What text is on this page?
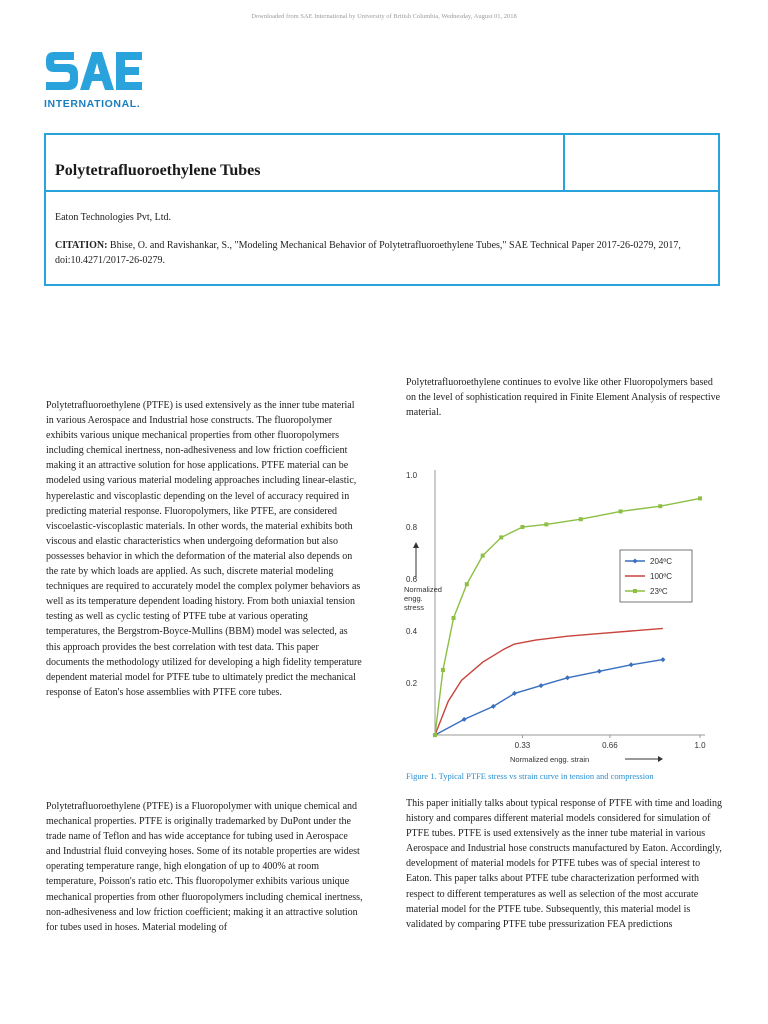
Downloaded from SAE International by University of British Columbia, Wednesday, August 01, 2018
INTERNATIONAL.
Polytetrafluoroethylene Tubes
Eaton Technologies Pvt, Ltd.
CITATION: Bhise, O. and Ravishankar, S., "Modeling Mechanical Behavior of Polytetrafluoroethylene Tubes," SAE Technical Paper 2017-26-0279, 2017, doi:10.4271/2017-26-0279.
Polytetrafluoroethylene (PTFE) is used extensively as the inner tube material in various Aerospace and Industrial hose constructs. The fluoropolymer exhibits various unique mechanical properties from other fluoropolymers including chemical inertness, non-adhesiveness and low friction coefficient making it an attractive solution for hose applications. PTFE material can be modeled using various material modeling approaches including linear-elastic, hyperelastic and viscoplastic depending on the level of accuracy required in predicting material response. Fluoropolymers, like PTFE, are considered viscoelastic-viscoplastic materials. In other words, the material exhibits both viscous and elastic characteristics when undergoing deformation but also possesses behavior in which the deformation of the material also depends on the rate by which loads are applied. As such, discrete material modeling techniques are required to accurately model the complex polymer behaviors as well as its temperature dependent loading history. From both uniaxial tension testing as well as cyclic testing of PTFE tube at various operating temperatures, the Bergstrom-Boyce-Mullins (BBM) model was selected, as this approach provides the best correlation with test data. This paper documents the methodology utilized for developing a high fidelity temperature dependent material model for PTFE tube to ultimately predict the mechanical response of Eaton's hose assemblies with PTFE core tubes.
Polytetrafluoroethylene (PTFE) is a Fluoropolymer with unique chemical and mechanical properties. PTFE is originally trademarked by DuPont under the trade name of Teflon and has wide acceptance for tubing used in Aerospace and Industrial fluid conveying hoses. Some of its notable properties are widest operating temperature range, high elongation of up to 400% at room temperature, Poisson's ratio etc. This fluoropolymer exhibits various unique mechanical properties from other fluoropolymers including chemical inertness, non-adhesiveness and low friction coefficient; making it an attractive solution for tubes used in hoses. Material modeling of
Polytetrafluoroethylene continues to evolve like other Fluoropolymers based on the level of sophistication required in Finite Element Analysis of respective material.
This paper initially talks about typical response of PTFE with time and loading history and compares different material models considered for simulation of PTFE tubes. PTFE is used extensively as the inner tube material in various Aerospace and Industrial hose constructs manufactured by Eaton. Accordingly, development of material models for PTFE tubes was of special interest to Eaton. This paper talks about PTFE tube characterization performed with respect to different temperatures as well as selection of the most accurate material model for the PTFE tube. Subsequently, this material model is validated by comparing PTFE tube pressurization FEA predictions
0.2
0.4
0.6
0.8
1.0
0.33	0.66	1.0
Normalized engg. strain
Normalized engg. stress
204ºC
100ºC
23ºC
Figure 1. Typical PTFE stress vs strain curve in tension and compression
